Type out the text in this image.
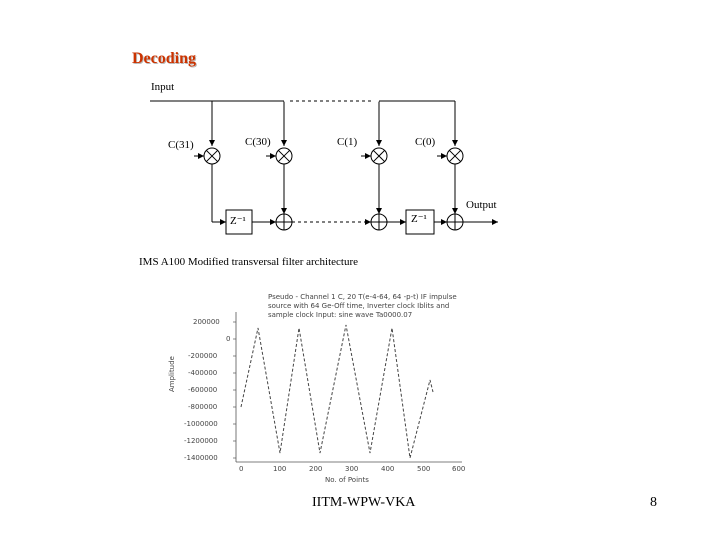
Decoding
Input
C(31)	C(30)	C(1)	C(0)
Z⁻¹	Z⁻¹
Output
IMS A100 Modified transversal filter architecture
Pseudo - Channel 1 C, 20 T(e-4-64, 64 -p-t) IF impulse
source with 64 Ge-Off time, Inverter clock Iblits and
sample clock Input: sine wave Ta0000.07
Amplitude
200000
0
-200000
-400000
-600000
-800000
-1000000
-1200000
-1400000
0	100	200	300	400	500	600
No. of Points
IITM-WPW-VKA	8
